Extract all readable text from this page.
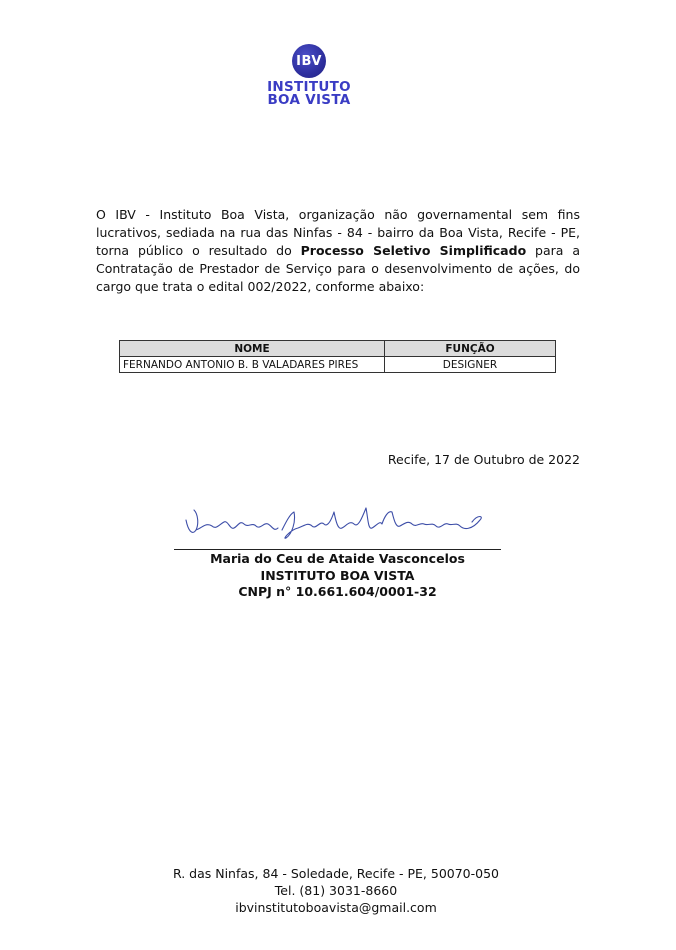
IBV
INSTITUTO
BOA VISTA

O IBV - Instituto Boa Vista, organização não governamental sem fins lucrativos, sediada na rua das Ninfas - 84 - bairro da Boa Vista, Recife - PE, torna público o resultado do Processo Seletivo Simplificado para a Contratação de Prestador de Serviço para o desenvolvimento de ações, do cargo que trata o edital 002/2022, conforme abaixo:

NOME	FUNÇÃO
FERNANDO ANTONIO B. B VALADARES PIRES	DESIGNER
Recife, 17 de Outubro de 2022
Maria do Ceu de Ataide Vasconcelos
INSTITUTO BOA VISTA
CNPJ n° 10.661.604/0001-32
R. das Ninfas, 84 - Soledade, Recife - PE, 50070-050
Tel. (81) 3031-8660
ibvinstitutoboavista@gmail.com
